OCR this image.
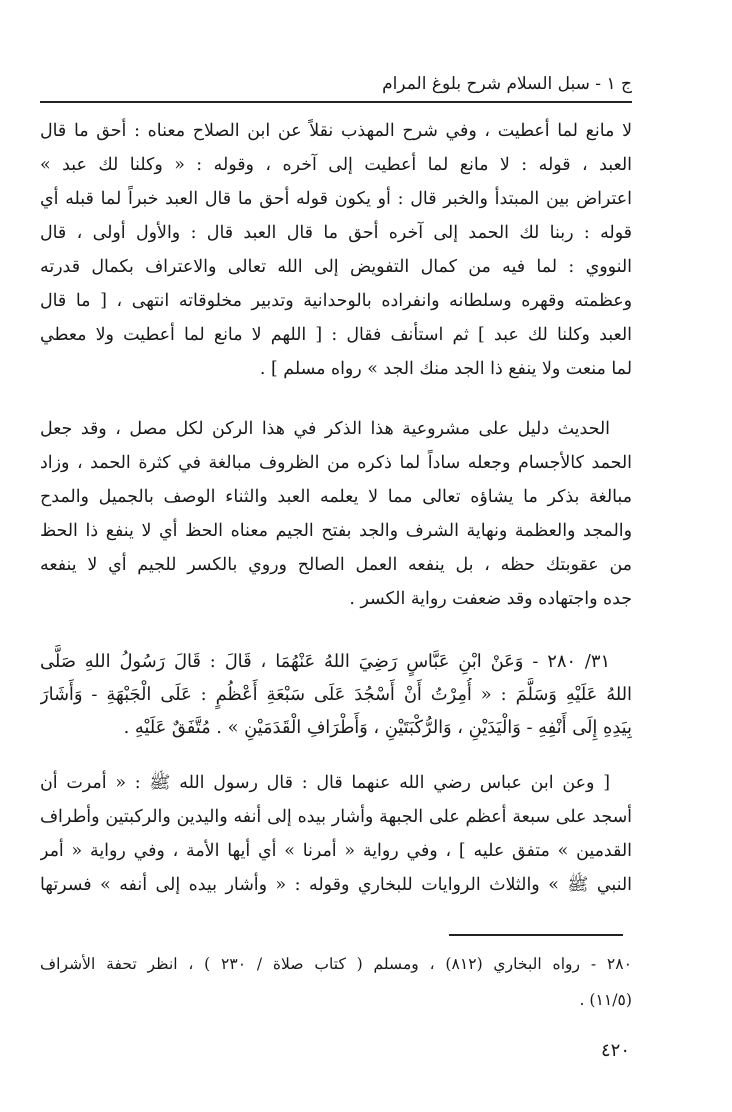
ج ١ - سبل السلام شرح بلوغ المرام
لا مانع لما أعطيت ، وفي شرح المهذب نقلاً عن ابن الصلاح معناه : أحق ما قال
العبد ، قوله : لا مانع لما أعطيت إلى آخره ، وقوله : « وكلنا لك عبد »
اعتراض بين المبتدأ والخبر قال : أو يكون قوله أحق ما قال العبد خبراً لما قبله أي
قوله : ربنا لك الحمد إلى آخره أحق ما قال العبد قال : والأول أولى ، قال
النووي : لما فيه من كمال التفويض إلى الله تعالى والاعتراف بكمال قدرته
وعظمته وقهره وسلطانه وانفراده بالوحدانية وتدبير مخلوقاته انتهى ، [ ما قال
العبد وكلنا لك عبد ] ثم استأنف فقال : [ اللهم لا مانع لما أعطيت ولا معطي
لما منعت ولا ينفع ذا الجد منك الجد » رواه مسلم ] .
الحديث دليل على مشروعية هذا الذكر في هذا الركن لكل مصل ، وقد جعل
الحمد كالأجسام وجعله ساداً لما ذكره من الظروف مبالغة في كثرة الحمد ، وزاد
مبالغة بذكر ما يشاؤه تعالى مما لا يعلمه العبد والثناء الوصف بالجميل والمدح
والمجد والعظمة ونهاية الشرف والجد بفتح الجيم معناه الحظ أي لا ينفع ذا الحظ
من عقوبتك حظه ، بل ينفعه العمل الصالح وروي بالكسر للجيم أي لا ينفعه
جده واجتهاده وقد ضعفت رواية الكسر .
٣١/ ٢٨٠ - وَعَنْ ابْنِ عَبَّاسٍ رَضِيَ اللهُ عَنْهُمَا ، قَالَ : قَالَ رَسُولُ اللهِ صَلَّى
اللهُ عَلَيْهِ وَسَلَّمَ : « أُمِرْتُ أَنْ أَسْجُدَ عَلَى سَبْعَةِ أَعْظُمٍ : عَلَى الْجَبْهَةِ - وَأَشَارَ
بِيَدِهِ إِلَى أَنْفِهِ - وَالْيَدَيْنِ ، وَالرُّكْبَتَيْنِ ، وَأَطْرَافِ الْقَدَمَيْنِ » . مُتَّفَقٌ عَلَيْهِ .
[ وعن ابن عباس رضي الله عنهما قال : قال رسول الله ﷺ : « أمرت أن
أسجد على سبعة أعظم على الجبهة وأشار بيده إلى أنفه واليدين والركبتين وأطراف
القدمين » متفق عليه ] ، وفي رواية « أمرنا » أي أيها الأمة ، وفي رواية « أمر
النبي ﷺ » والثلاث الروايات للبخاري وقوله : « وأشار بيده إلى أنفه » فسرتها
٢٨٠ - رواه البخاري (٨١٢) ، ومسلم ( كتاب صلاة / ٢٣٠ ) ، انظر تحفة الأشراف
(١١/٥) .
٤٢٠
